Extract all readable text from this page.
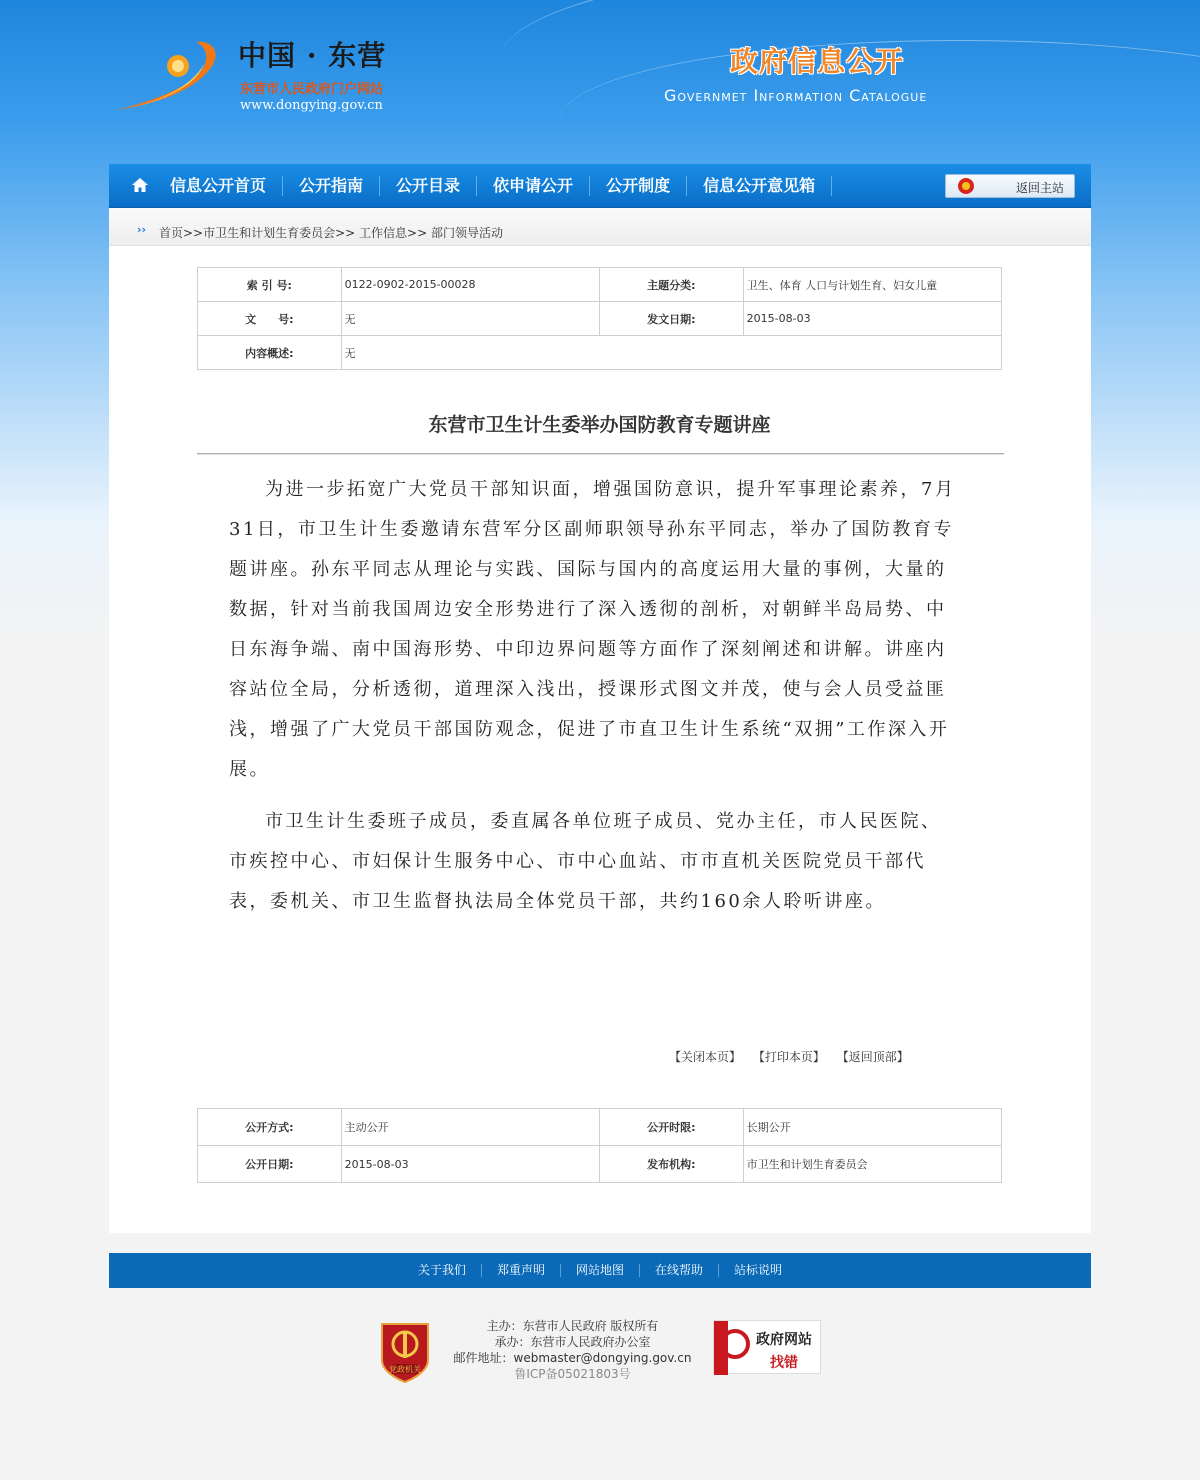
中国 · 东营
东营市人民政府门户网站
www.dongying.gov.cn
政府信息公开
Governmet Information Catalogue
信息公开首页	公开指南	公开目录	依申请公开	公开制度	信息公开意见箱	返回主站
›› 首页>>市卫生和计划生育委员会>> 工作信息>> 部门领导活动
索 引 号:	0122-0902-2015-00028	主题分类:	卫生、体育 人口与计划生育、妇女儿童
文　　号:	无	发文日期:	2015-08-03
内容概述:	无		
东营市卫生计生委举办国防教育专题讲座

为进一步拓宽广大党员干部知识面，增强国防意识，提升军事理论素养，7月31日，市卫生计生委邀请东营军分区副师职领导孙东平同志，举办了国防教育专题讲座。孙东平同志从理论与实践、国际与国内的高度运用大量的事例，大量的数据，针对当前我国周边安全形势进行了深入透彻的剖析，对朝鲜半岛局势、中日东海争端、南中国海形势、中印边界问题等方面作了深刻阐述和讲解。讲座内容站位全局，分析透彻，道理深入浅出，授课形式图文并茂，使与会人员受益匪浅，增强了广大党员干部国防观念，促进了市直卫生计生系统“双拥”工作深入开展。

市卫生计生委班子成员，委直属各单位班子成员、党办主任，市人民医院、市疾控中心、市妇保计生服务中心、市中心血站、市市直机关医院党员干部代表，委机关、市卫生监督执法局全体党员干部，共约160余人聆听讲座。

【关闭本页】 【打印本页】 【返回顶部】
公开方式:	主动公开	公开时限:	长期公开
公开日期:	2015-08-03	发布机构:	市卫生和计划生育委员会
关于我们	郑重声明	网站地图	在线帮助	站标说明
党政机关
主办：东营市人民政府 版权所有
承办：东营市人民政府办公室
邮件地址：webmaster@dongying.gov.cn
鲁ICP备05021803号
政府网站
找错
